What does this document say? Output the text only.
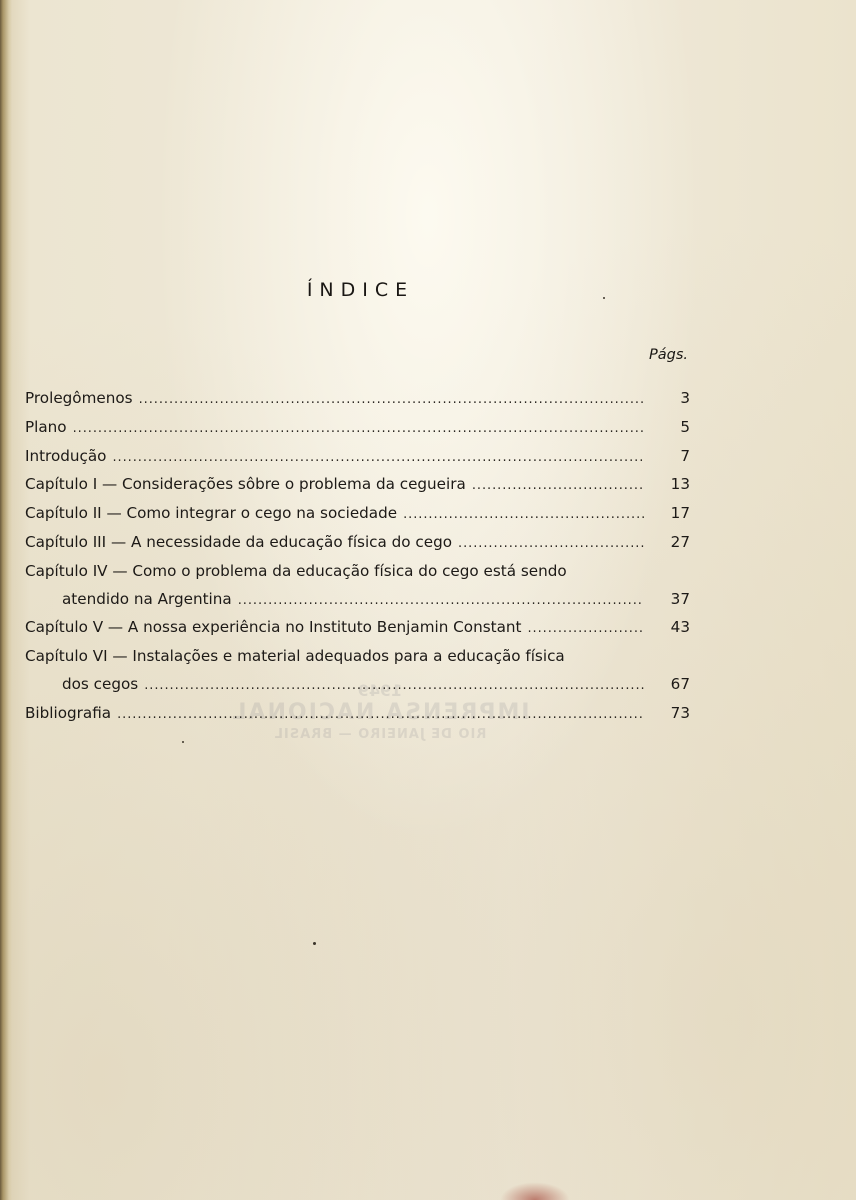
1949
IMPRENSA NACIONAL
RIO DE JANEIRO — BRASIL
ÍNDICE
Págs.
Prolegômenos . . .	3
Plano . . .	5
Introdução . . .	7
Capítulo I — Considerações sôbre o problema da cegueira . . .	13
Capítulo II — Como integrar o cego na sociedade . . .	17
Capítulo III — A necessidade da educação física do cego . . .	27
Capítulo IV — Como o problema da educação física do cego está sendo
atendido na Argentina . . .	37
Capítulo V — A nossa experiência no Instituto Benjamin Constant . . .	43
Capítulo VI — Instalações e material adequados para a educação física
dos cegos . . .	67
Bibliografia . . .	73
